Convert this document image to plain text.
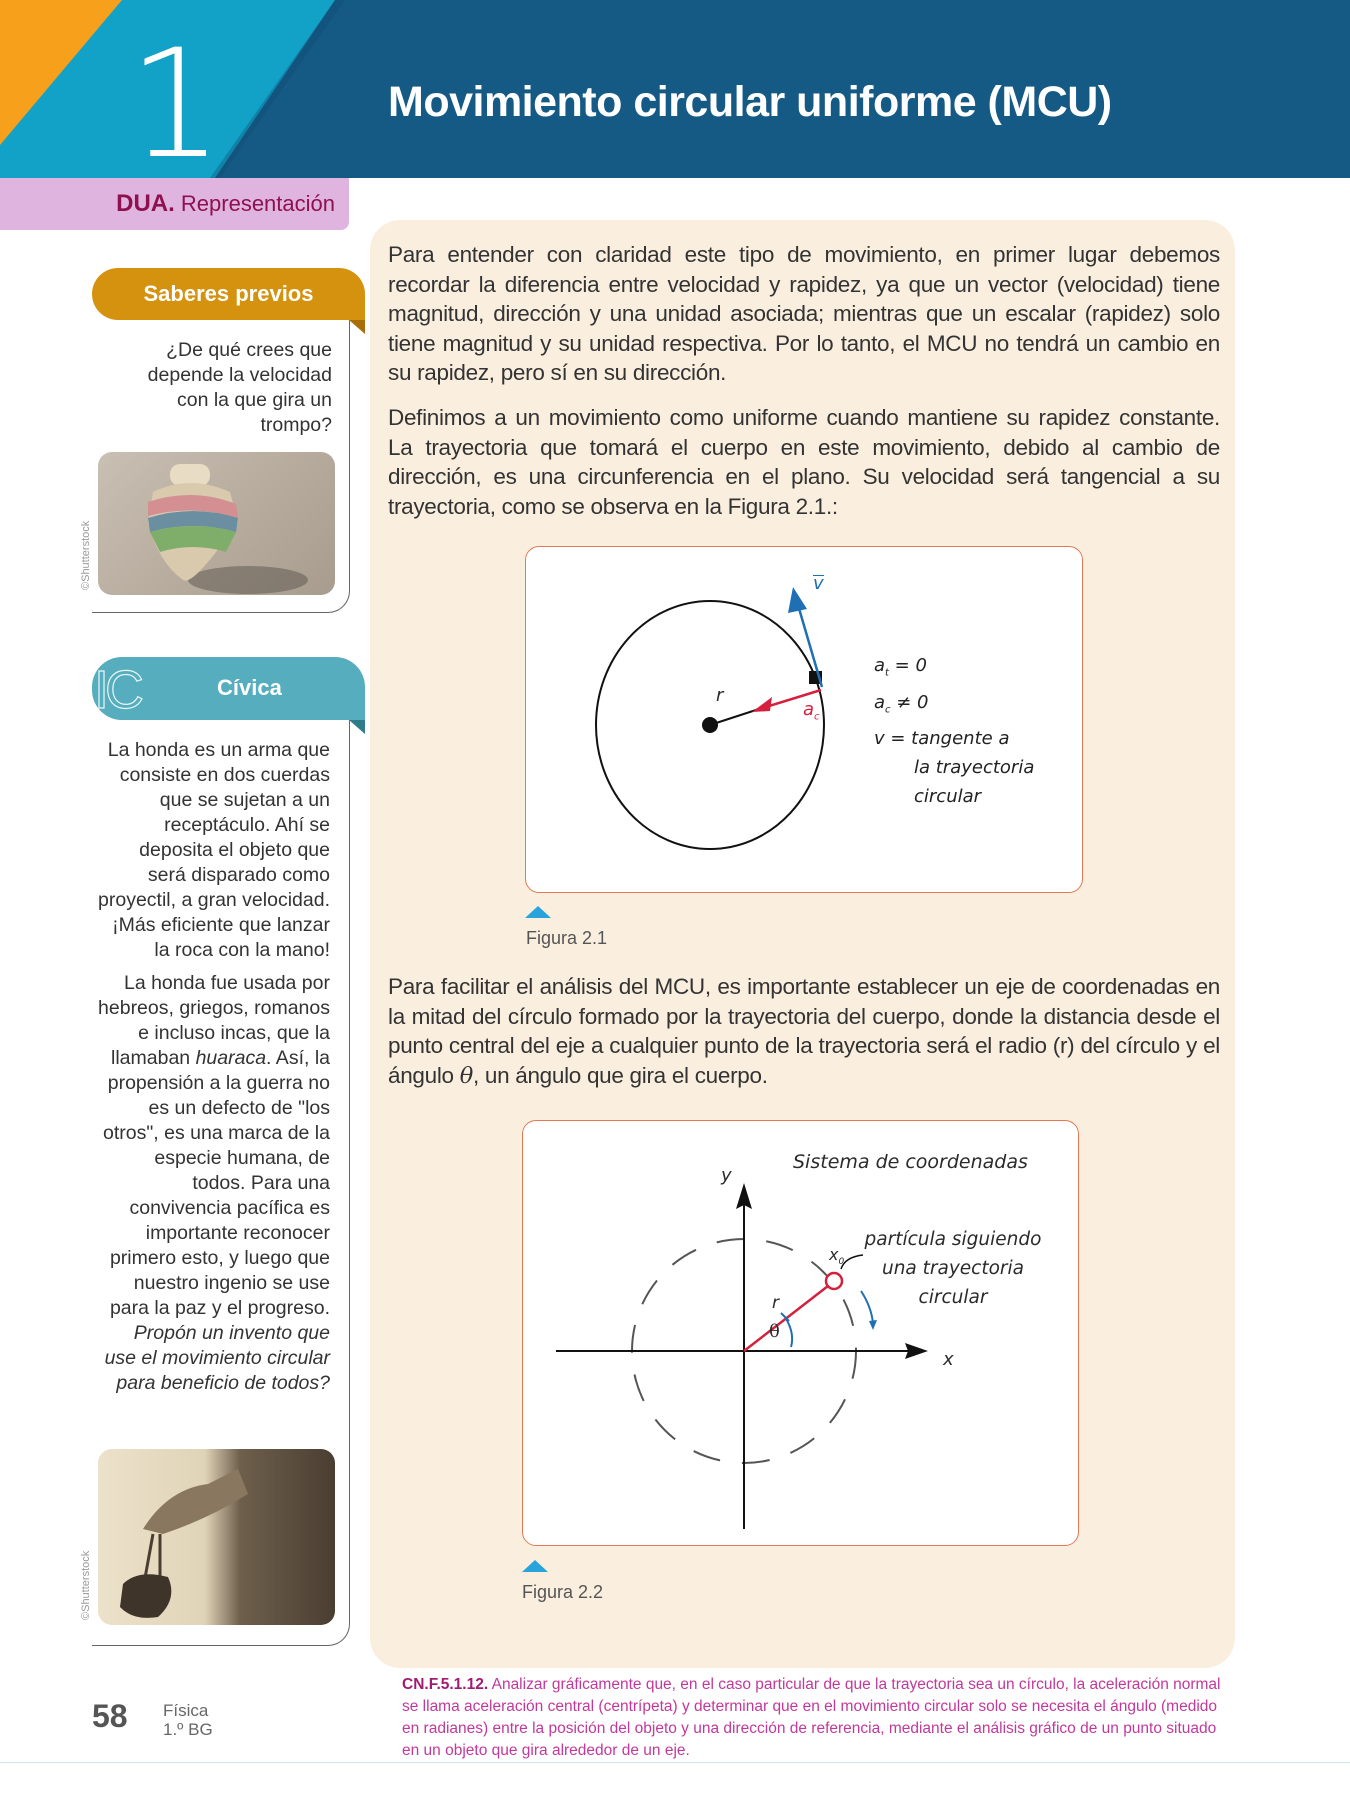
1	Movimiento circular uniforme (MCU)
DUA. Representación
Saberes previos
¿De qué crees que depende la velocidad con la que gira un trompo?
©Shutterstock
IC	Cívica
La honda es un arma que consiste en dos cuerdas que se sujetan a un receptáculo. Ahí se deposita el objeto que será disparado como proyectil, a gran velocidad. ¡Más eficiente que lanzar la roca con la mano!
La honda fue usada por hebreos, griegos, romanos e incluso incas, que la llamaban huaraca. Así, la propensión a la guerra no es un defecto de "los otros", es una marca de la especie humana, de todos. Para una convivencia pacífica es importante reconocer primero esto, y luego que nuestro ingenio se use para la paz y el progreso.
Propón un invento que use el movimiento circular para beneficio de todos?
©Shutterstock
Para entender con claridad este tipo de movimiento, en primer lugar debemos recordar la diferencia entre velocidad y rapidez, ya que un vector (velocidad) tiene magnitud, dirección y una unidad asociada; mientras que un escalar (rapidez) solo tiene magnitud y su unidad respectiva. Por lo tanto, el MCU no tendrá un cambio en su rapidez, pero sí en su dirección.
Definimos a un movimiento como uniforme cuando mantiene su rapidez constante. La trayectoria que tomará el cuerpo en este movimiento, debido al cambio de dirección, es una circunferencia en el plano. Su velocidad será tangencial a su trayectoria, como se observa en la Figura 2.1.:
r
v
$a_c$
$a_t = 0$
$a_c \ne 0$
v = tangente a
la trayectoria
circular
Figura 2.1
Para facilitar el análisis del MCU, es importante establecer un eje de coordenadas en la mitad del círculo formado por la trayectoria del cuerpo, donde la distancia desde el punto central del eje a cualquier punto de la trayectoria será el radio (r) del círculo y el ángulo θ, un ángulo que gira el cuerpo.
Sistema de coordenadas
y
x
r
θ
$x_0$
partícula siguiendo
una trayectoria
circular
Figura 2.2
58 Física
1.º BG
CN.F.5.1.12. Analizar gráficamente que, en el caso particular de que la trayectoria sea un círculo, la aceleración normal se llama aceleración central (centrípeta) y determinar que en el movimiento circular solo se necesita el ángulo (medido en radianes) entre la posición del objeto y una dirección de referencia, mediante el análisis gráfico de un punto situado en un objeto que gira alrededor de un eje.
